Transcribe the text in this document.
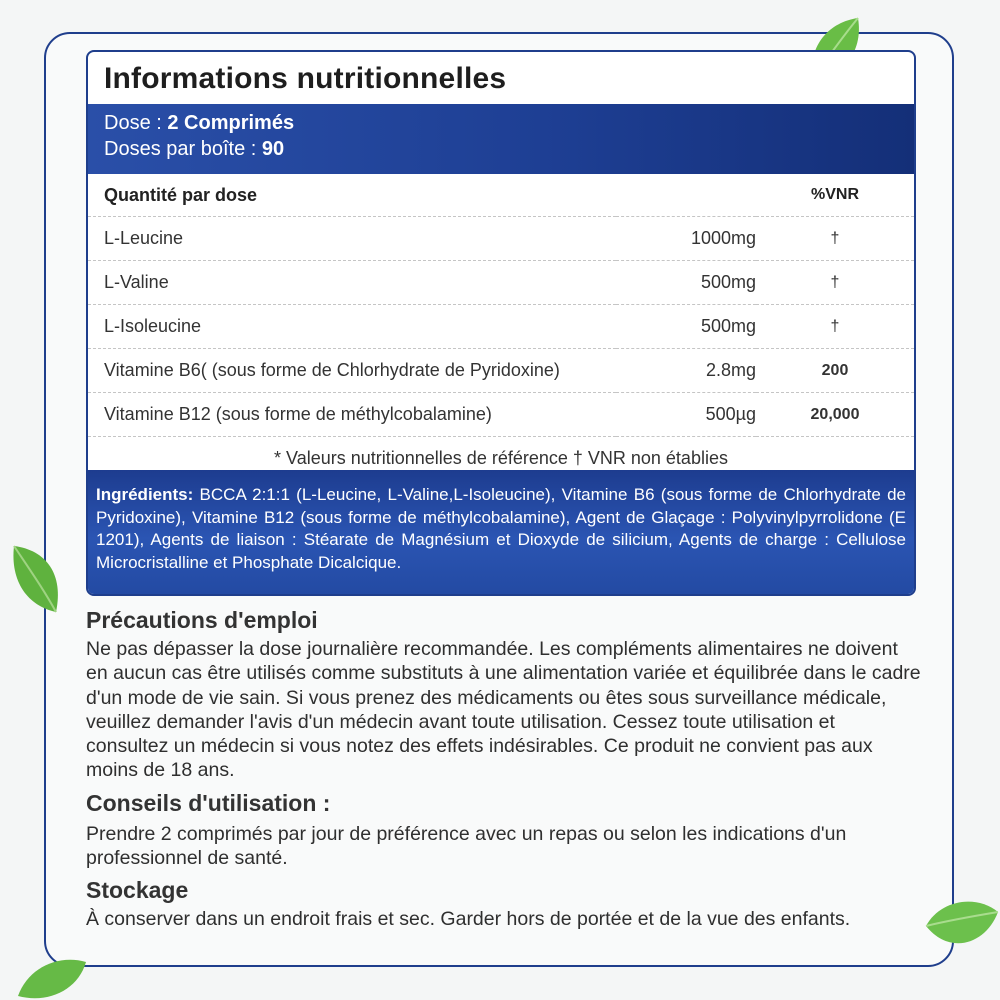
Informations nutritionnelles
Dose : 2 Comprimés
Doses par boîte : 90
Quantité par dose		%VNR
L-Leucine	1000mg	†
L-Valine	500mg	†
L-Isoleucine	500mg	†
Vitamine B6( (sous forme de Chlorhydrate de Pyridoxine)	2.8mg	200
Vitamine B12 (sous forme de méthylcobalamine)	500µg	20,000
* Valeurs nutritionnelles de référence † VNR non établies
Ingrédients: BCCA 2:1:1 (L-Leucine, L-Valine,L-Isoleucine), Vitamine B6 (sous forme de Chlorhydrate de Pyridoxine), Vitamine B12 (sous forme de méthylcobalamine), Agent de Glaçage : Polyvinylpyrrolidone (E 1201), Agents de liaison : Stéarate de Magnésium et Dioxyde de silicium, Agents de charge : Cellulose Microcristalline et Phosphate Dicalcique.
Précautions d'emploi

Ne pas dépasser la dose journalière recommandée. Les compléments alimentaires ne doivent en aucun cas être utilisés comme substituts à une alimentation variée et équilibrée dans le cadre d'un mode de vie sain. Si vous prenez des médicaments ou êtes sous surveillance médicale, veuillez demander l'avis d'un médecin avant toute utilisation. Cessez toute utilisation et consultez un médecin si vous notez des effets indésirables. Ce produit ne convient pas aux moins de 18 ans.

Conseils d'utilisation :

Prendre 2 comprimés par jour de préférence avec un repas ou selon les indications d'un professionnel de santé.

Stockage

À conserver dans un endroit frais et sec. Garder hors de portée et de la vue des enfants.
